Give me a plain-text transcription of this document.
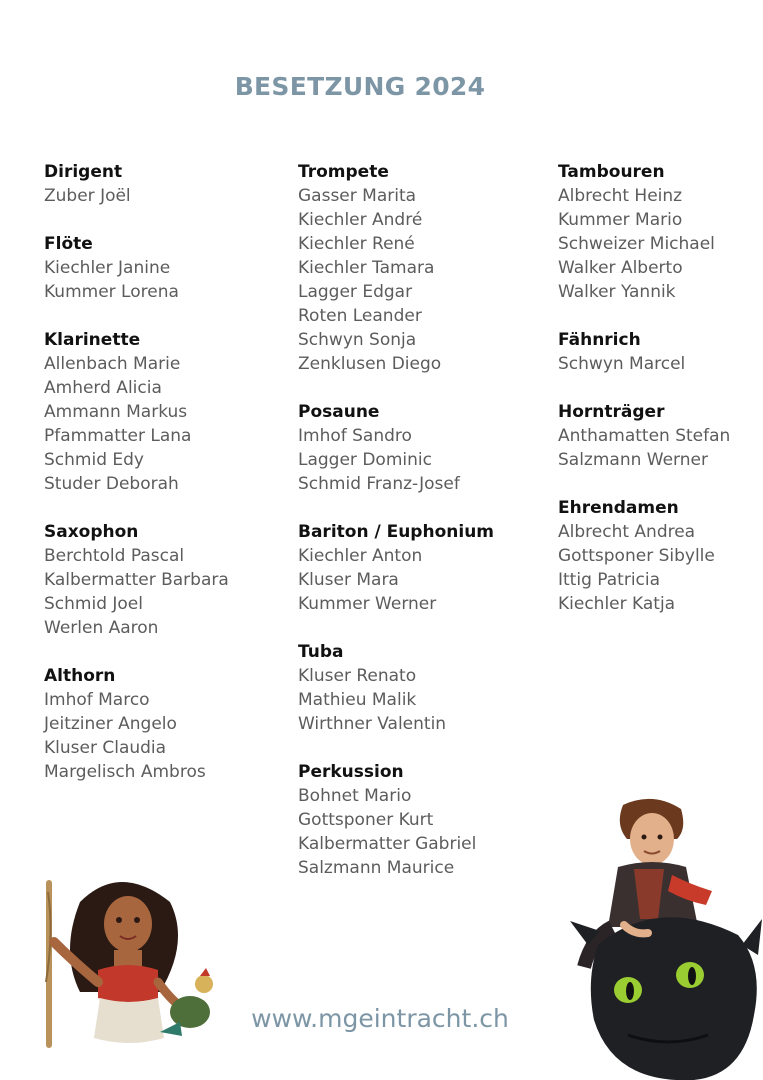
BESETZUNG 2024
Dirigent
Zuber Joël
Flöte
Kiechler Janine
Kummer Lorena
Klarinette
Allenbach Marie
Amherd Alicia
Ammann Markus
Pfammatter Lana
Schmid Edy
Studer Deborah
Saxophon
Berchtold Pascal
Kalbermatter Barbara
Schmid Joel
Werlen Aaron
Althorn
Imhof Marco
Jeitziner Angelo
Kluser Claudia
Margelisch Ambros
Trompete
Gasser Marita
Kiechler André
Kiechler René
Kiechler Tamara
Lagger Edgar
Roten Leander
Schwyn Sonja
Zenklusen Diego
Posaune
Imhof Sandro
Lagger Dominic
Schmid Franz-Josef
Bariton / Euphonium
Kiechler Anton
Kluser Mara
Kummer Werner
Tuba
Kluser Renato
Mathieu Malik
Wirthner Valentin
Perkussion
Bohnet Mario
Gottsponer Kurt
Kalbermatter Gabriel
Salzmann Maurice
Tambouren
Albrecht Heinz
Kummer Mario
Schweizer Michael
Walker Alberto
Walker Yannik
Fähnrich
Schwyn Marcel
Hornträger
Anthamatten Stefan
Salzmann Werner
Ehrendamen
Albrecht Andrea
Gottsponer Sibylle
Ittig Patricia
Kiechler Katja
www.mgeintracht.ch
